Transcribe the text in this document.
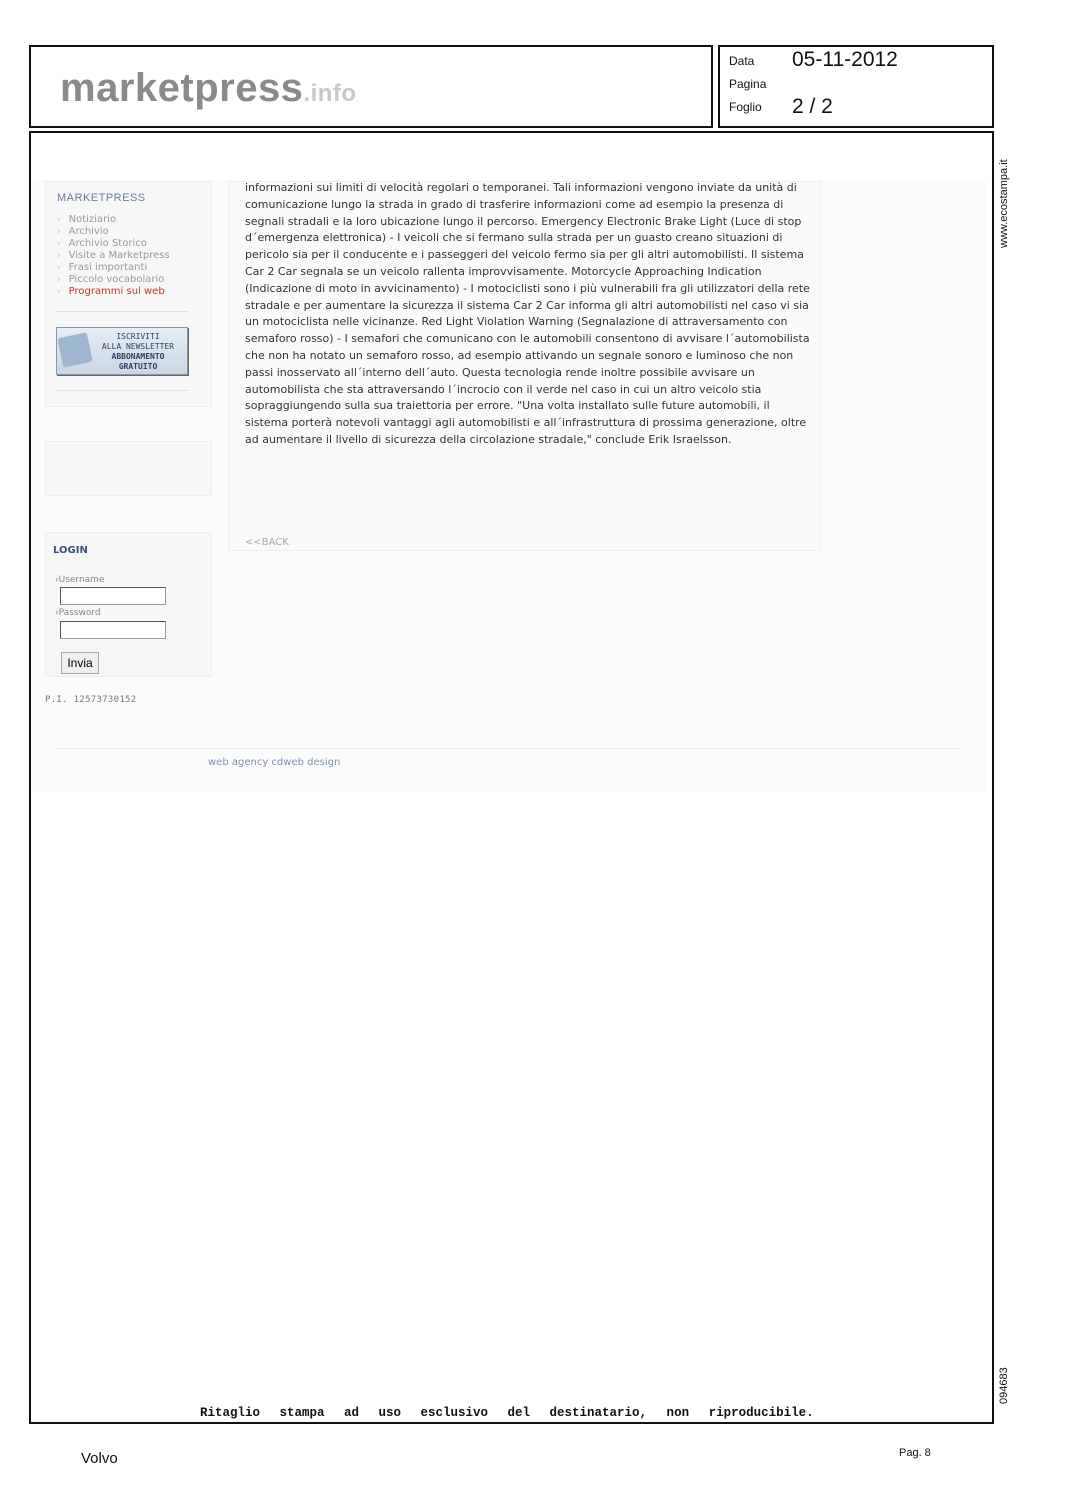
marketpress.info
Data 05-11-2012
Pagina
Foglio 2 / 2
www.ecostampa.it
094683
MARKETPRESS
› Notiziario
› Archivio
› Archivio Storico
› Visite a Marketpress
› Frasi importanti
› Piccolo vocabolario
› Programmi sul web
ISCRIVITI
ALLA NEWSLETTER
ABBONAMENTO
GRATUITO
LOGIN
›Username
›Password
Invia
P.I. 12573730152
informazioni sui limiti di velocità regolari o temporanei. Tali informazioni vengono inviate da unità di comunicazione lungo la strada in grado di trasferire informazioni come ad esempio la presenza di segnali stradali e la loro ubicazione lungo il percorso. Emergency Electronic Brake Light (Luce di stop d´emergenza elettronica) - I veicoli che si fermano sulla strada per un guasto creano situazioni di pericolo sia per il conducente e i passeggeri del veicolo fermo sia per gli altri automobilisti. Il sistema Car 2 Car segnala se un veicolo rallenta improvvisamente. Motorcycle Approaching Indication (Indicazione di moto in avvicinamento) - I motociclisti sono i più vulnerabili fra gli utilizzatori della rete stradale e per aumentare la sicurezza il sistema Car 2 Car informa gli altri automobilisti nel caso vi sia un motociclista nelle vicinanze. Red Light Violation Warning (Segnalazione di attraversamento con semaforo rosso) - I semafori che comunicano con le automobili consentono di avvisare l´automobilista che non ha notato un semaforo rosso, ad esempio attivando un segnale sonoro e luminoso che non passi inosservato all´interno dell´auto. Questa tecnologia rende inoltre possibile avvisare un automobilista che sta attraversando l´incrocio con il verde nel caso in cui un altro veicolo stia sopraggiungendo sulla sua traiettoria per errore. "Una volta installato sulle future automobili, il sistema porterà notevoli vantaggi agli automobilisti e all´infrastruttura di prossima generazione, oltre ad aumentare il livello di sicurezza della circolazione stradale," conclude Erik Israelsson.
<<BACK
web agency cdweb design
Ritaglio stampa ad uso esclusivo del destinatario, non riproducibile.
Volvo	Pag. 8
